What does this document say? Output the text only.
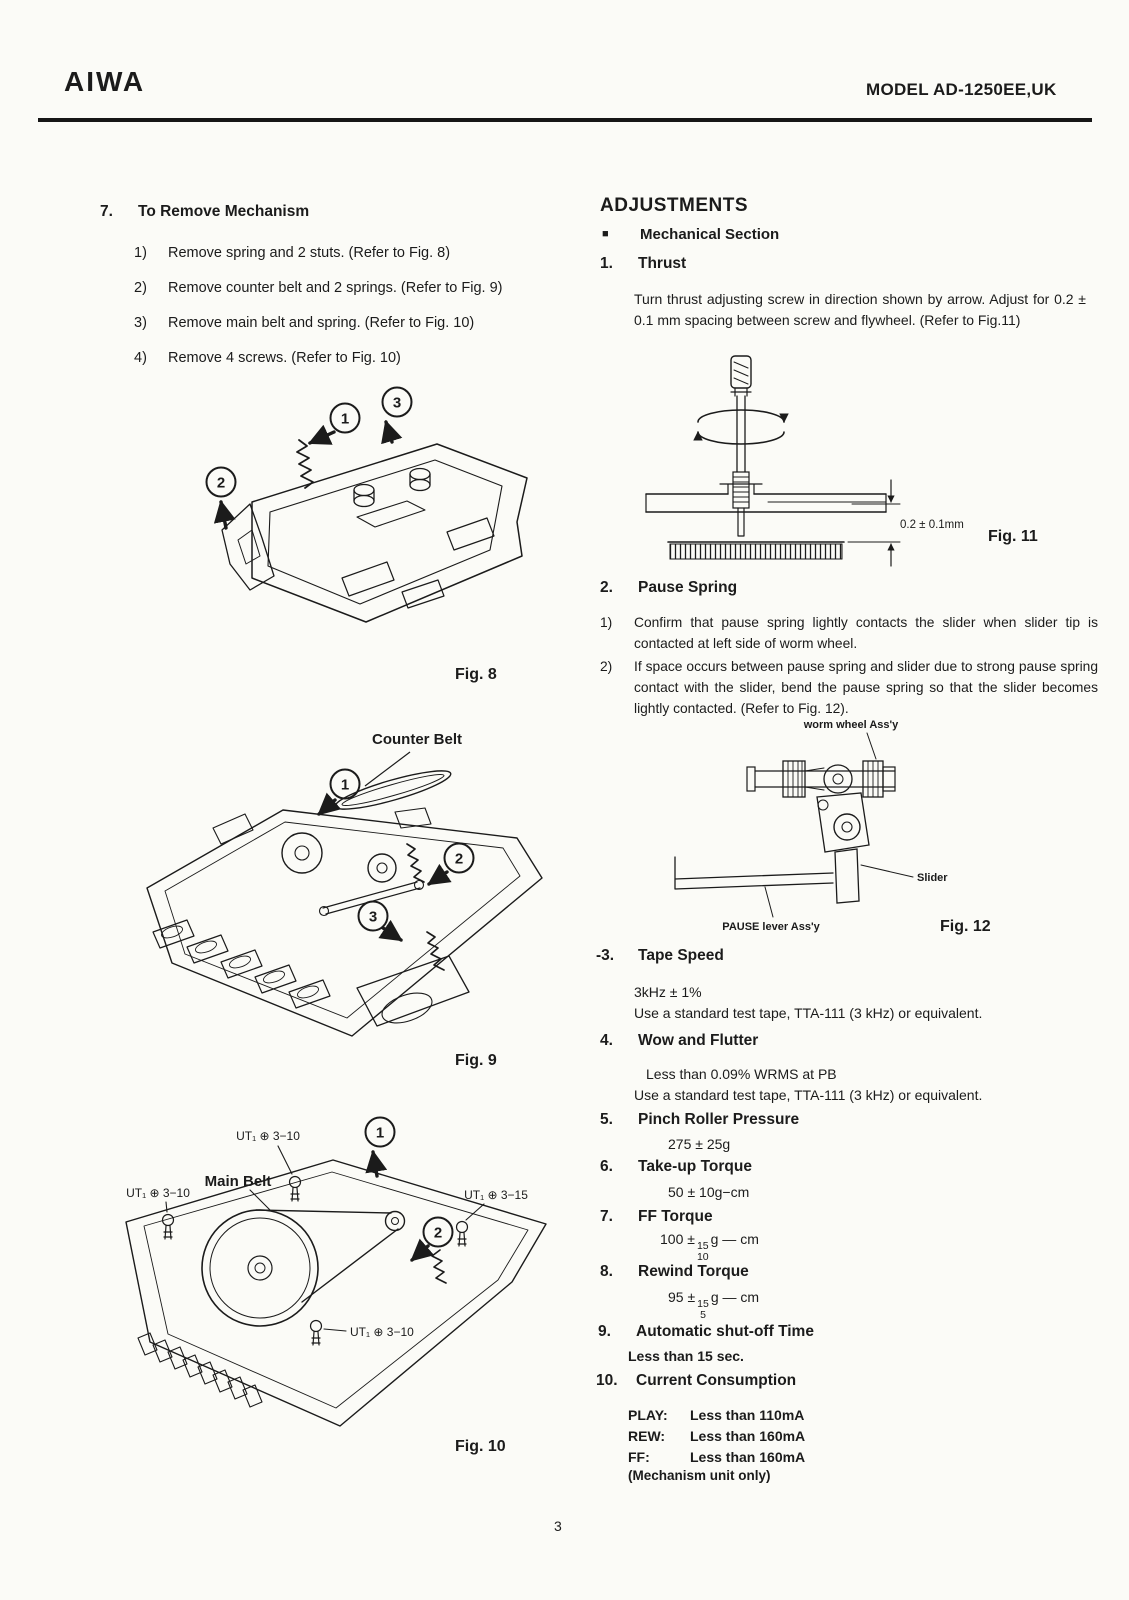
AIWA	MODEL AD-1250EE,UK
7.	To Remove Mechanism
1)	Remove spring and 2 stuts. (Refer to Fig. 8)
2)	Remove counter belt and 2 springs. (Refer to Fig. 9)
3)	Remove main belt and spring. (Refer to Fig. 10)
4)	Remove 4 screws. (Refer to Fig. 10)
1
3
2
Fig. 8
Counter Belt
1
2
3
Fig. 9
UT₁ ⊕ 3−10
Main Belt
UT₁ ⊕ 3−10	UT₁ ⊕ 3−15
UT₁ ⊕ 3−10
1
2
Fig. 10
ADJUSTMENTS
■	Mechanical Section
1.	Thrust
Turn thrust adjusting screw in direction shown by arrow. Adjust for 0.2 ± 0.1 mm spacing between screw and flywheel. (Refer to Fig.11)
0.2 ± 0.1mm
Fig. 11
2.	Pause Spring
1)	Confirm that pause spring lightly contacts the slider when slider tip is contacted at left side of worm wheel.
2)	If space occurs between pause spring and slider due to strong pause spring contact with the slider, bend the pause spring so that the slider becomes lightly contacted. (Refer to Fig. 12).
worm wheel Ass'y
Slider
PAUSE lever Ass'y	Fig. 12
-3.	Tape Speed
3kHz ± 1%
Use a standard test tape, TTA-111 (3 kHz) or equivalent.
4.	Wow and Flutter
Less than 0.09% WRMS at PB
Use a standard test tape, TTA-111 (3 kHz) or equivalent.
5.	Pinch Roller Pressure
275 ± 25g
6.	Take-up Torque
50 ± 10g−cm
7.	FF Torque
100 ± 15
10
g — cm
8.	Rewind Torque
95 ± 15
5
g — cm
9.	Automatic shut-off Time
Less than 15 sec.
10.	Current Consumption
PLAY:	Less than 110mA
REW:	Less than 160mA
FF:	Less than 160mA
(Mechanism unit only)
3
